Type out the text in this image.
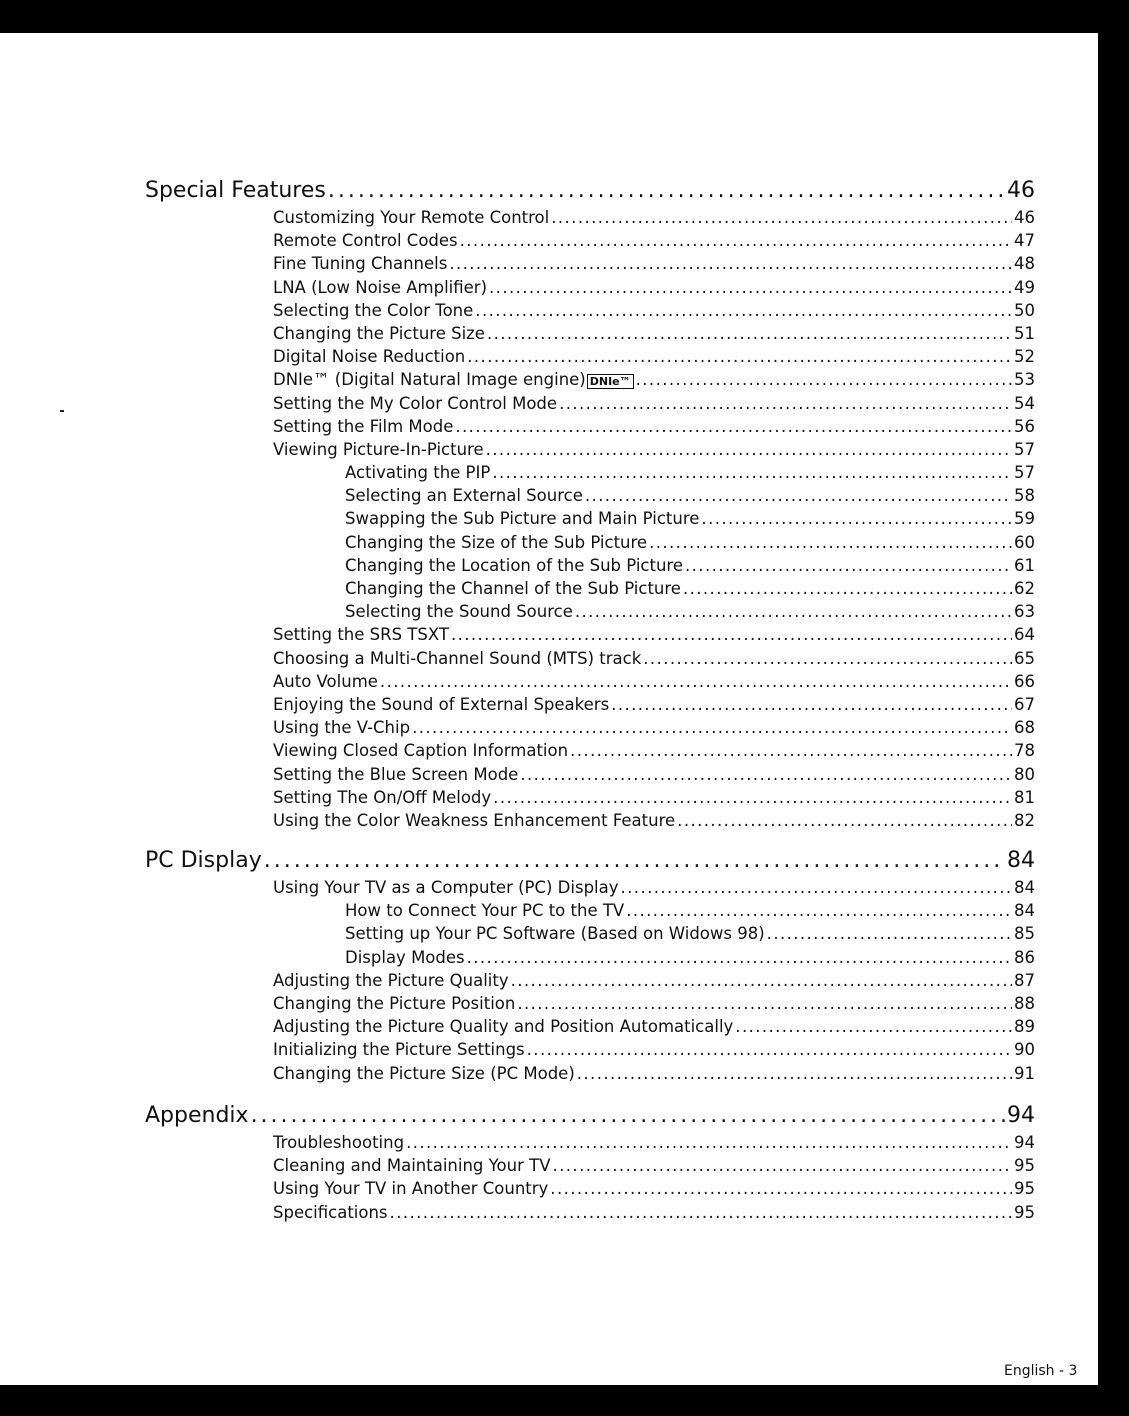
Special Features .....	46
Customizing Your Remote Control .....	46
Remote Control Codes .....	47
Fine Tuning Channels .....	48
LNA (Low Noise Amplifier) .....	49
Selecting the Color Tone .....	50
Changing the Picture Size .....	51
Digital Noise Reduction .....	52
DNIe™ (Digital Natural Image engine) DNIe™ .....	53
Setting the My Color Control Mode .....	54
Setting the Film Mode .....	56
Viewing Picture-In-Picture .....	57
Activating the PIP .....	57
Selecting an External Source .....	58
Swapping the Sub Picture and Main Picture .....	59
Changing the Size of the Sub Picture .....	60
Changing the Location of the Sub Picture .....	61
Changing the Channel of the Sub Picture .....	62
Selecting the Sound Source .....	63
Setting the SRS TSXT .....	64
Choosing a Multi-Channel Sound (MTS) track .....	65
Auto Volume .....	66
Enjoying the Sound of External Speakers .....	67
Using the V-Chip .....	68
Viewing Closed Caption Information .....	78
Setting the Blue Screen Mode .....	80
Setting The On/Off Melody .....	81
Using the Color Weakness Enhancement Feature .....	82
PC Display .....	84
Using Your TV as a Computer (PC) Display .....	84
How to Connect Your PC to the TV .....	84
Setting up Your PC Software (Based on Widows 98) .....	85
Display Modes .....	86
Adjusting the Picture Quality .....	87
Changing the Picture Position .....	88
Adjusting the Picture Quality and Position Automatically .....	89
Initializing the Picture Settings .....	90
Changing the Picture Size (PC Mode) .....	91
Appendix .....	94
Troubleshooting .....	94
Cleaning and Maintaining Your TV .....	95
Using Your TV in Another Country .....	95
Specifications .....	95
English - 3
